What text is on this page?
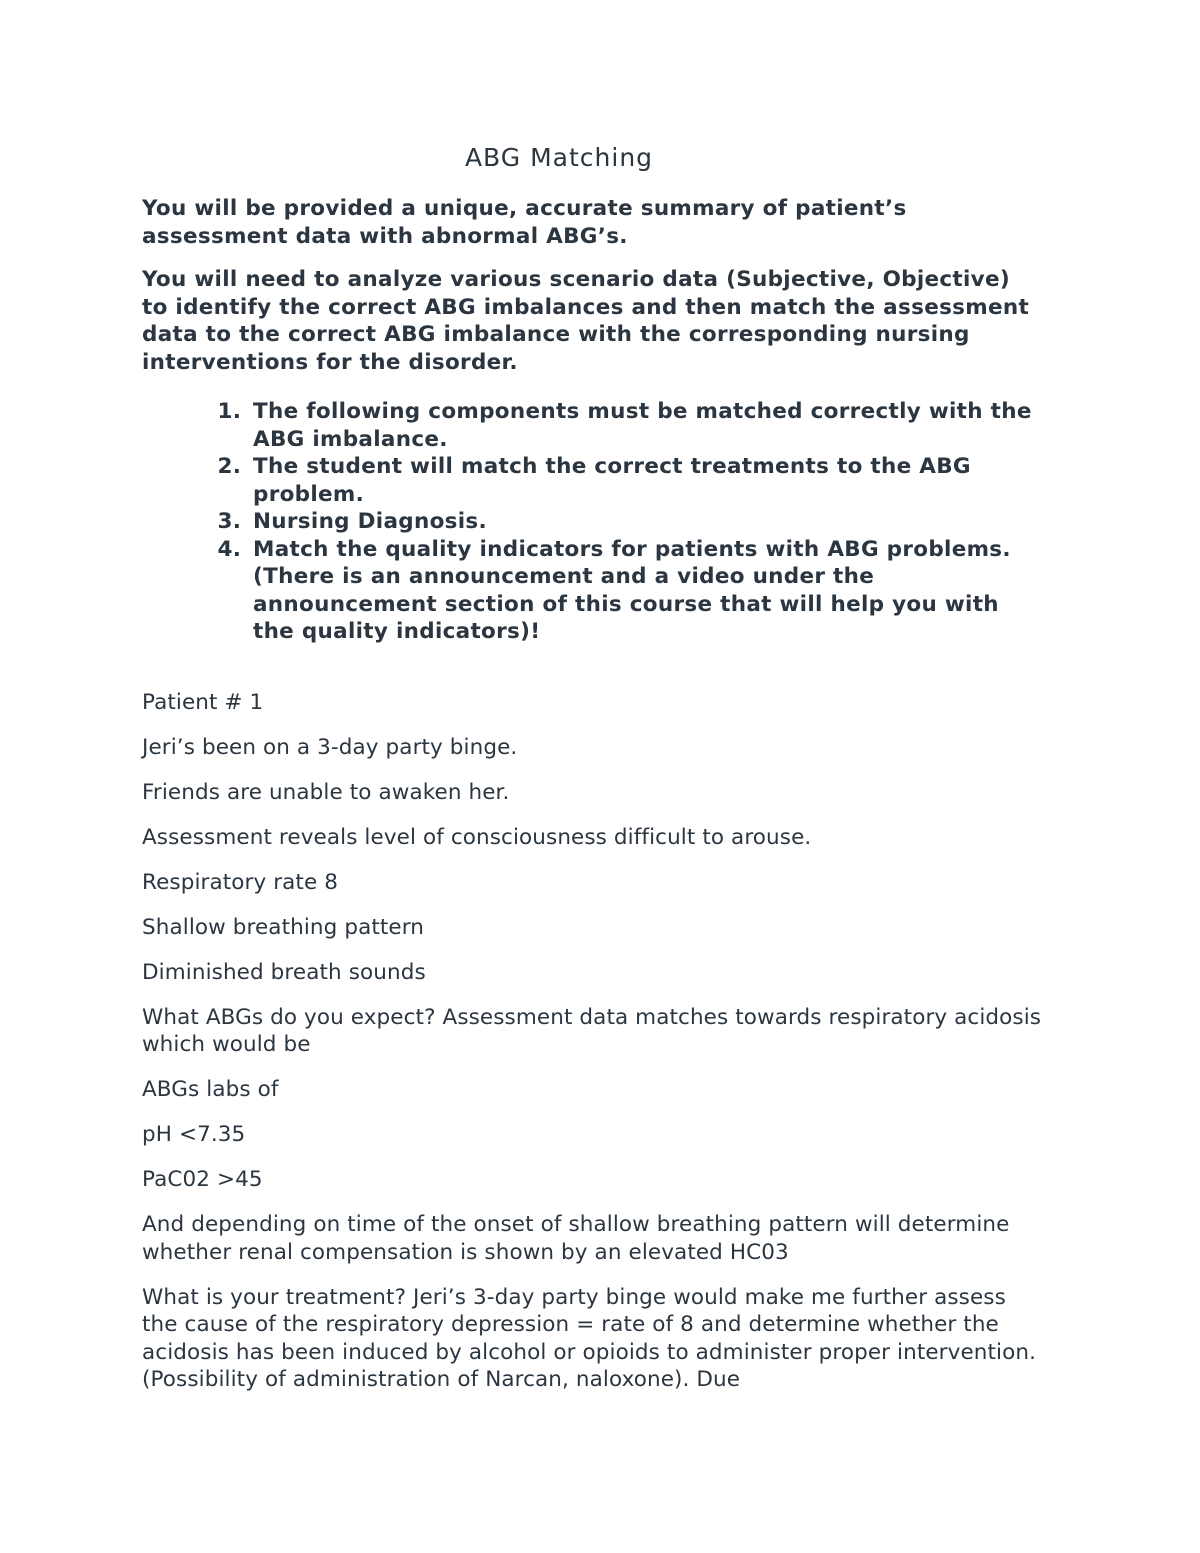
ABG Matching

You will be provided a unique, accurate summary of patient’s assessment data with abnormal ABG’s.

You will need to analyze various scenario data (Subjective, Objective) to identify the correct ABG imbalances and then match the assessment data to the correct ABG imbalance with the corresponding nursing interventions for the disorder.

1. The following components must be matched correctly with the ABG imbalance.
2. The student will match the correct treatments to the ABG problem.
3. Nursing Diagnosis.
4. Match the quality indicators for patients with ABG problems. (There is an announcement and a video under the announcement section of this course that will help you with the quality indicators)!

Patient # 1

Jeri’s been on a 3-day party binge.

Friends are unable to awaken her.

Assessment reveals level of consciousness difficult to arouse.

Respiratory rate 8

Shallow breathing pattern

Diminished breath sounds

What ABGs do you expect? Assessment data matches towards respiratory acidosis which would be

ABGs labs of

pH <7.35

PaC02 >45

And depending on time of the onset of shallow breathing pattern will determine whether renal compensation is shown by an elevated HC03

What is your treatment? Jeri’s 3-day party binge would make me further assess the cause of the respiratory depression = rate of 8 and determine whether the acidosis has been induced by alcohol or opioids to administer proper intervention. (Possibility of administration of Narcan, naloxone). Due
